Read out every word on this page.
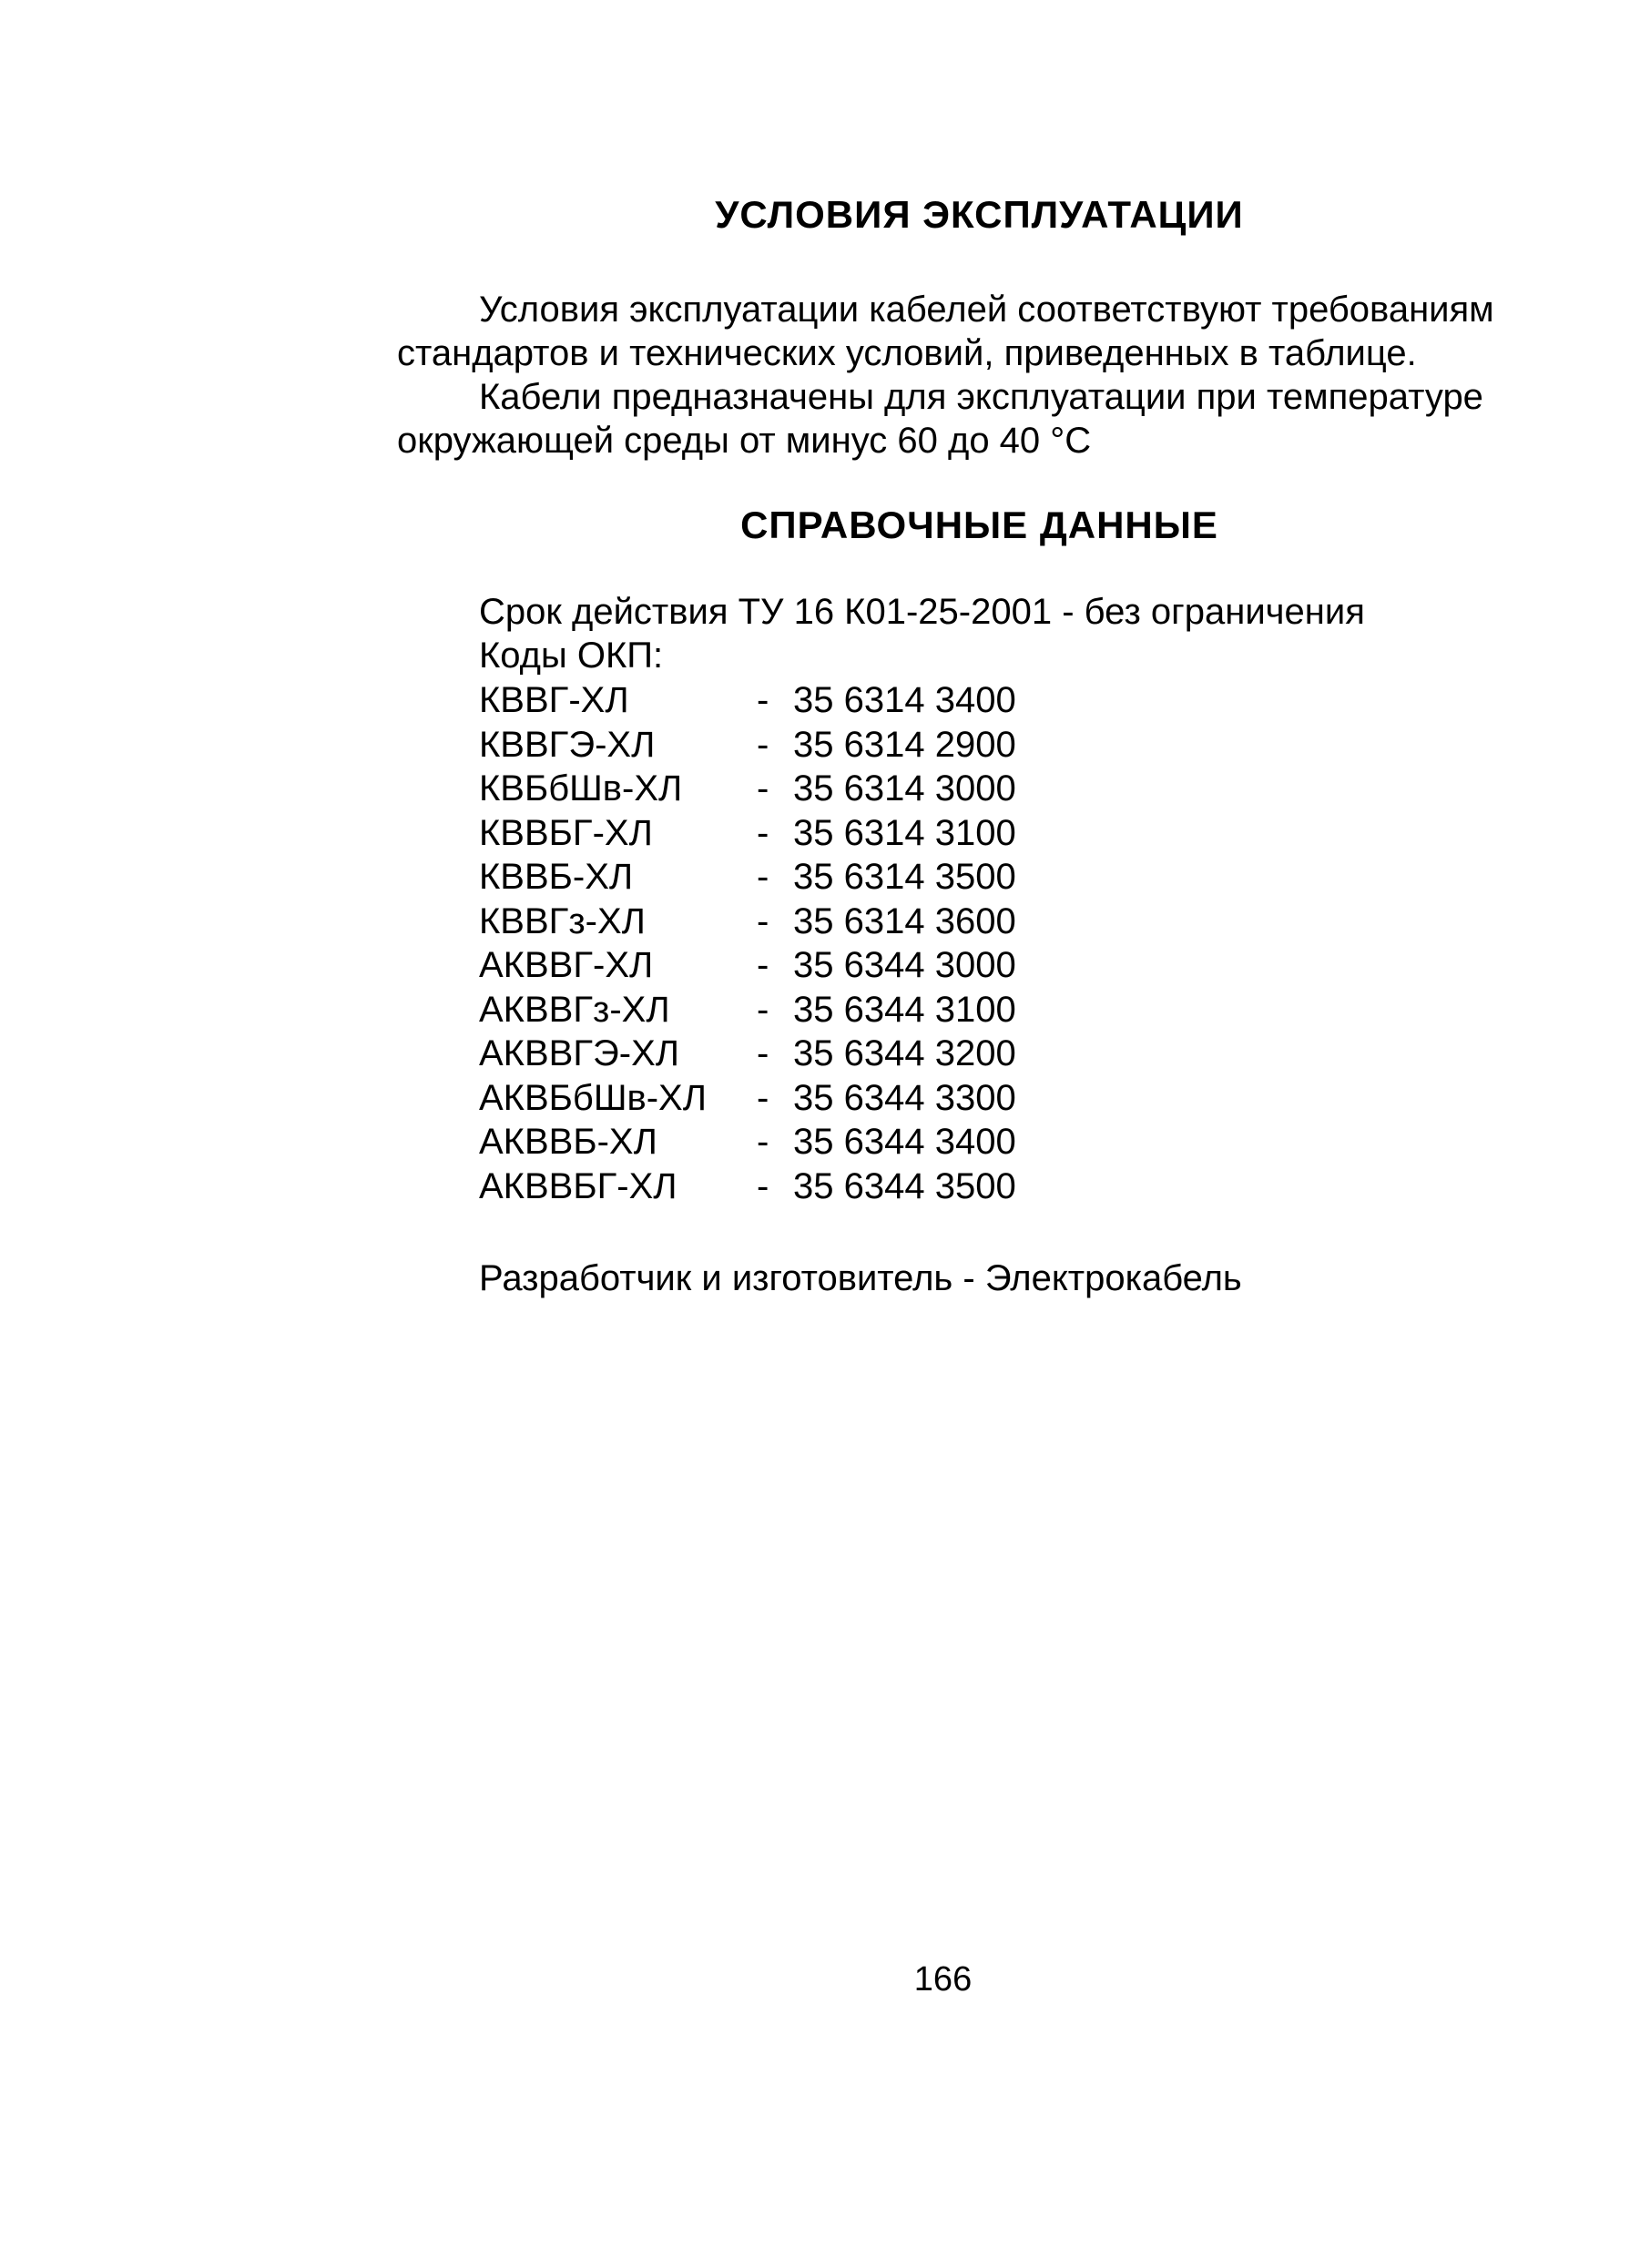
УСЛОВИЯ ЭКСПЛУАТАЦИИ
Условия эксплуатации кабелей соответствуют требованиям
стандартов и технических условий, приведенных в таблице.
Кабели предназначены для эксплуатации при температуре
окружающей среды от минус 60 до 40 °С
СПРАВОЧНЫЕ ДАННЫЕ
Срок действия ТУ 16 К01-25-2001 - без ограничения
Коды ОКП:
КВВГ-ХЛ	- 35 6314 3400
КВВГЭ-ХЛ	- 35 6314 2900
КВБбШв-ХЛ - 35 6314 3000
КВВБГ-ХЛ	- 35 6314 3100
КВВБ-ХЛ	- 35 6314 3500
КВВГз-ХЛ	- 35 6314 3600
АКВВГ-ХЛ	- 35 6344 3000
АКВВГз-ХЛ - 35 6344 3100
АКВВГЭ-ХЛ - 35 6344 3200
АКВБбШв-ХЛ - 35 6344 3300
АКВВБ-ХЛ	- 35 6344 3400
АКВВБГ-ХЛ - 35 6344 3500
Разработчик и изготовитель - Электрокабель
166
